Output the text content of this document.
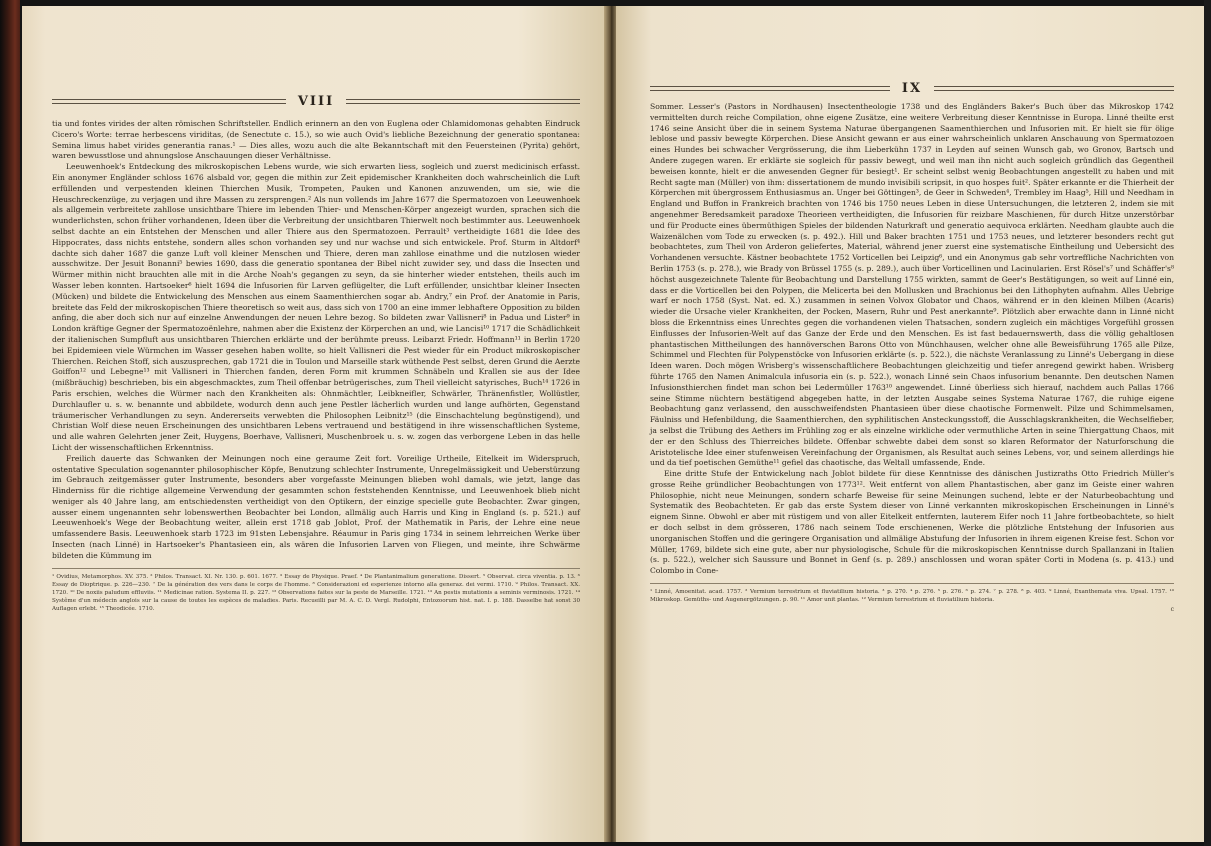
VIII

tia und fontes virides der alten römischen Schriftsteller. Endlich erinnern an den von Euglena oder Chlamidomonas gehabten Eindruck Cicero's Worte: terrae herbescens viriditas, (de Senectute c. 15.), so wie auch Ovid's liebliche Bezeichnung der generatio spontanea: Semina limus habet virides generantia ranas.¹ — Dies alles, wozu auch die alte Bekanntschaft mit den Feuersteinen (Pyrita) gehört, waren bewusstlose und ahnungslose Anschauungen dieser Verhältnisse.

Leeuwenhoek's Entdeckung des mikroskopischen Lebens wurde, wie sich erwarten liess, sogleich und zuerst medicinisch erfasst. Ein anonymer Engländer schloss 1676 alsbald vor, gegen die mithin zur Zeit epidemischer Krankheiten doch wahrscheinlich die Luft erfüllenden und verpestenden kleinen Thierchen Musik, Trompeten, Pauken und Kanonen anzuwenden, um sie, wie die Heuschreckenzüge, zu verjagen und ihre Massen zu zersprengen.² Als nun vollends im Jahre 1677 die Spermatozoen von Leeuwenhoek als allgemein verbreitete zahllose unsichtbare Thiere im lebenden Thier- und Menschen-Körper angezeigt wurden, sprachen sich die wunderlichsten, schon früher vorhandenen, Ideen über die Verbreitung der unsichtbaren Thierwelt noch bestimmter aus. Leeuwenhoek selbst dachte an ein Entstehen der Menschen und aller Thiere aus den Spermatozoen. Perrault³ vertheidigte 1681 die Idee des Hippocrates, dass nichts entstehe, sondern alles schon vorhanden sey und nur wachse und sich entwickele. Prof. Sturm in Altdorf⁴ dachte sich daher 1687 die ganze Luft voll kleiner Menschen und Thiere, deren man zahllose einathme und die nutzlosen wieder ausschwitze. Der Jesuit Bonanni⁵ bewies 1690, dass die generatio spontanea der Bibel nicht zuwider sey, und dass die Insecten und Würmer mithin nicht brauchten alle mit in die Arche Noah's gegangen zu seyn, da sie hinterher wieder entstehen, theils auch im Wasser leben konnten. Hartsoeker⁶ hielt 1694 die Infusorien für Larven geflügelter, die Luft erfüllender, unsichtbar kleiner Insecten (Mücken) und bildete die Entwickelung des Menschen aus einem Saamenthierchen sogar ab. Andry,⁷ ein Prof. der Anatomie in Paris, breitete das Feld der mikroskopischen Thiere theoretisch so weit aus, dass sich von 1700 an eine immer lebhaftere Opposition zu bilden anfing, die aber doch sich nur auf einzelne Anwendungen der neuen Lehre bezog. So bildeten zwar Vallisneri⁸ in Padua und Lister⁹ in London kräftige Gegner der Spermatozoënlehre, nahmen aber die Existenz der Körperchen an und, wie Lancisi¹⁰ 1717 die Schädlichkeit der italienischen Sumpfluft aus unsichtbaren Thierchen erklärte und der berühmte preuss. Leibarzt Friedr. Hoffmann¹¹ in Berlin 1720 bei Epidemieen viele Würmchen im Wasser gesehen haben wollte, so hielt Vallisneri die Pest wieder für ein Product mikroskopischer Thierchen. Reichen Stoff, sich auszusprechen, gab 1721 die in Toulon und Marseille stark wüthende Pest selbst, deren Grund die Aerzte Goiffon¹² und Lebegne¹³ mit Vallisneri in Thierchen fanden, deren Form mit krummen Schnäbeln und Krallen sie aus der Idee (mißbräuchig) beschrieben, bis ein abgeschmacktes, zum Theil offenbar betrügerisches, zum Theil vielleicht satyrisches, Buch¹⁴ 1726 in Paris erschien, welches die Würmer nach den Krankheiten als: Ohnmächtler, Leibkneifler, Schwärler, Thränenfistler, Wollüstler, Durchlaufler u. s. w. benannte und abbildete, wodurch denn auch jene Pestler lächerlich wurden und lange aufhörten, Gegenstand träumerischer Verhandlungen zu seyn. Andererseits verwebten die Philosophen Leibnitz¹⁵ (die Einschachtelung begünstigend), und Christian Wolf diese neuen Erscheinungen des unsichtbaren Lebens vertrauend und bestätigend in ihre wissenschaftlichen Systeme, und alle wahren Gelehrten jener Zeit, Huygens, Boerhave, Vallisneri, Muschenbroek u. s. w. zogen das verborgene Leben in das helle Licht der wissenschaftlichen Erkenntniss.

Freilich dauerte das Schwanken der Meinungen noch eine geraume Zeit fort. Voreilige Urtheile, Eitelkeit im Widerspruch, ostentative Speculation sogenannter philosophischer Köpfe, Benutzung schlechter Instrumente, Unregelmässigkeit und Ueberstürzung im Gebrauch zeitgemässer guter Instrumente, besonders aber vorgefasste Meinungen blieben wohl damals, wie jetzt, lange das Hinderniss für die richtige allgemeine Verwendung der gesammten schon feststehenden Kenntnisse, und Leeuwenhoek blieb nicht weniger als 40 Jahre lang, am entschiedensten vertheidigt von den Optikern, der einzige specielle gute Beobachter. Zwar gingen, ausser einem ungenannten sehr lobenswerthen Beobachter bei London, allmälig auch Harris und King in England (s. p. 521.) auf Leeuwenhoek's Wege der Beobachtung weiter, allein erst 1718 gab Joblot, Prof. der Mathematik in Paris, der Lehre eine neue umfassendere Basis. Leeuwenhoek starb 1723 im 91sten Lebensjahre. Réaumur in Paris ging 1734 in seinem lehrreichen Werke über Insecten (nach Linné) in Hartsoeker's Phantasieen ein, als wären die Infusorien Larven von Fliegen, und meinte, ihre Schwärme bildeten die Kümmung im

¹ Ovidius, Metamorphos. XV. 375. ² Philos. Transact. XI. Nr. 130. p. 601. 1677. ³ Essay de Physique. Praef. ⁴ De Plantanimalium generatione. Dissert. ⁵ Observat. circa viventia. p. 13. ⁶ Essay de Dioptrique. p. 226—230. ⁷ De la génération des vers dans le corps de l'homme. ⁸ Considerazioni ed esperienze intorno alla generaz. dei vermi. 1710. ⁹ Philos. Transact. XX. 1720. ¹⁰ De noxiis paludum effluviis. ¹¹ Medicinae ration. Systema II. p. 227. ¹² Observations faites sur la peste de Marseille. 1721. ¹³ An pestis mutationis a seminis verminosis. 1721. ¹⁴ Systême d'un médecin anglois sur la cause de toutes les espèces de maladies. Paris. Recueilli par M. A. C. D. Vergl. Rudolphi, Entozoorum hist. nat. I. p. 188. Dasselbe hat sonst 30 Auflagen erlebt. ¹⁵ Theodicée. 1710.
IX

Sommer. Lesser's (Pastors in Nordhausen) Insectentheologie 1738 und des Engländers Baker's Buch über das Mikroskop 1742 vermittelten durch reiche Compilation, ohne eigene Zusätze, eine weitere Verbreitung dieser Kenntnisse in Europa. Linné theilte erst 1746 seine Ansicht über die in seinem Systema Naturae übergangenen Saamenthierchen und Infusorien mit. Er hielt sie für ölige leblose und passiv bewegte Körperchen. Diese Ansicht gewann er aus einer wahrscheinlich unklaren Anschauung von Spermatozoen eines Hundes bei schwacher Vergrösserung, die ihm Lieberkühn 1737 in Leyden auf seinen Wunsch gab, wo Gronov, Bartsch und Andere zugegen waren. Er erklärte sie sogleich für passiv bewegt, und weil man ihn nicht auch sogleich gründlich das Gegentheil beweisen konnte, hielt er die anwesenden Gegner für besiegt¹. Er scheint selbst wenig Beobachtungen angestellt zu haben und mit Recht sagte man (Müller) von ihm: dissertationem de mundo invisibili scripsit, in quo hospes fuit². Später erkannte er die Thierheit der Körperchen mit übergrossem Enthusiasmus an. Unger bei Göttingen³, de Geer in Schweden⁴, Trembley im Haag⁵, Hill und Needham in England und Buffon in Frankreich brachten von 1746 bis 1750 neues Leben in diese Untersuchungen, die letzteren 2, indem sie mit angenehmer Beredsamkeit paradoxe Theorieen vertheidigten, die Infusorien für reizbare Maschienen, für durch Hitze unzerstörbar und für Producte eines übermüthigen Spieles der bildenden Naturkraft und generatio aequivoca erklärten. Needham glaubte auch die Waizenälchen vom Tode zu erwecken (s. p. 492.). Hill und Baker brachten 1751 und 1753 neues, und letzterer besonders recht gut beobachtetes, zum Theil von Arderon geliefertes, Material, während jener zuerst eine systematische Eintheilung und Uebersicht des Vorhandenen versuchte. Kästner beobachtete 1752 Vorticellen bei Leipzig⁶, und ein Anonymus gab sehr vortreffliche Nachrichten von Berlin 1753 (s. p. 278.), wie Brady von Brüssel 1755 (s. p. 289.), auch über Vorticellinen und Lacinularien. Erst Rösel's⁷ und Schäffer's⁸ höchst ausgezeichnete Talente für Beobachtung und Darstellung 1755 wirkten, sammt de Geer's Bestätigungen, so weit auf Linné ein, dass er die Vorticellen bei den Polypen, die Melicerta bei den Mollusken und Brachionus bei den Lithophyten aufnahm. Alles Uebrige warf er noch 1758 (Syst. Nat. ed. X.) zusammen in seinen Volvox Globator und Chaos, während er in den kleinen Milben (Acaris) wieder die Ursache vieler Krankheiten, der Pocken, Masern, Ruhr und Pest anerkannte⁹. Plötzlich aber erwachte dann in Linné nicht bloss die Erkenntniss eines Unrechtes gegen die vorhandenen vielen Thatsachen, sondern zugleich ein mächtiges Vorgefühl grossen Einflusses der Infusorien-Welt auf das Ganze der Erde und den Menschen. Es ist fast bedauernswerth, dass die völlig gehaltlosen phantastischen Mittheilungen des hannöverschen Barons Otto von Münchhausen, welcher ohne alle Beweisführung 1765 alle Pilze, Schimmel und Flechten für Polypenstöcke von Infusorien erklärte (s. p. 522.), die nächste Veranlassung zu Linné's Uebergang in diese Ideen waren. Doch mögen Wrisberg's wissenschaftlichere Beobachtungen gleichzeitig und tiefer anregend gewirkt haben. Wrisberg führte 1765 den Namen Animalcula infusoria ein (s. p. 522.), wonach Linné sein Chaos infusorium benannte. Den deutschen Namen Infusionsthierchen findet man schon bei Ledermüller 1763¹⁰ angewendet. Linné überliess sich hierauf, nachdem auch Pallas 1766 seine Stimme nüchtern bestätigend abgegeben hatte, in der letzten Ausgabe seines Systema Naturae 1767, die ruhige eigene Beobachtung ganz verlassend, den ausschweifendsten Phantasieen über diese chaotische Formenwelt. Pilze und Schimmelsamen, Fäulniss und Hefenbildung, die Saamenthierchen, den syphilitischen Ansteckungsstoff, die Ausschlagskrankheiten, die Wechselfieber, ja selbst die Trübung des Aethers im Frühling zog er als einzelne wirkliche oder vermuthliche Arten in seine Thiergattung Chaos, mit der er den Schluss des Thierreiches bildete. Offenbar schwebte dabei dem sonst so klaren Reformator der Naturforschung die Aristotelische Idee einer stufenweisen Vereinfachung der Organismen, als Resultat auch seines Lebens, vor, und seinem allerdings hie und da tief poetischen Gemüthe¹¹ gefiel das chaotische, das Weltall umfassende, Ende.

Eine dritte Stufe der Entwickelung nach Joblot bildete für diese Kenntnisse des dänischen Justizraths Otto Friedrich Müller's grosse Reihe gründlicher Beobachtungen von 1773¹². Weit entfernt von allem Phantastischen, aber ganz im Geiste einer wahren Philosophie, nicht neue Meinungen, sondern scharfe Beweise für seine Meinungen suchend, lebte er der Naturbeobachtung und Systematik des Beobachteten. Er gab das erste System dieser von Linné verkannten mikroskopischen Erscheinungen in Linné's eignem Sinne. Obwohl er aber mit rüstigem und von aller Eitelkeit entfernten, lauterem Eifer noch 11 Jahre fortbeobachtete, so hielt er doch selbst in dem grösseren, 1786 nach seinem Tode erschienenen, Werke die plötzliche Entstehung der Infusorien aus unorganischen Stoffen und die geringere Organisation und allmälige Abstufung der Infusorien in ihrem eigenen Kreise fest. Schon vor Müller, 1769, bildete sich eine gute, aber nur physiologische, Schule für die mikroskopischen Kenntnisse durch Spallanzani in Italien (s. p. 522.), welcher sich Saussure und Bonnet in Genf (s. p. 289.) anschlossen und woran später Corti in Modena (s. p. 413.) und Colombo in Cone-

¹ Linné, Amoenitat. acad. 1757. ² Vermium terrestrium et fluviatilium historia. ³ p. 270. ⁴ p. 276. ⁵ p. 276. ⁶ p. 274. ⁷ p. 278. ⁸ p. 403. ⁹ Linné, Exanthemata viva. Upsal. 1757. ¹⁰ Mikroskop. Gemüths- und Augenergötzungen. p. 90. ¹¹ Amor unit plantas. ¹² Vermium terrestrium et fluviatilium historia.
c
